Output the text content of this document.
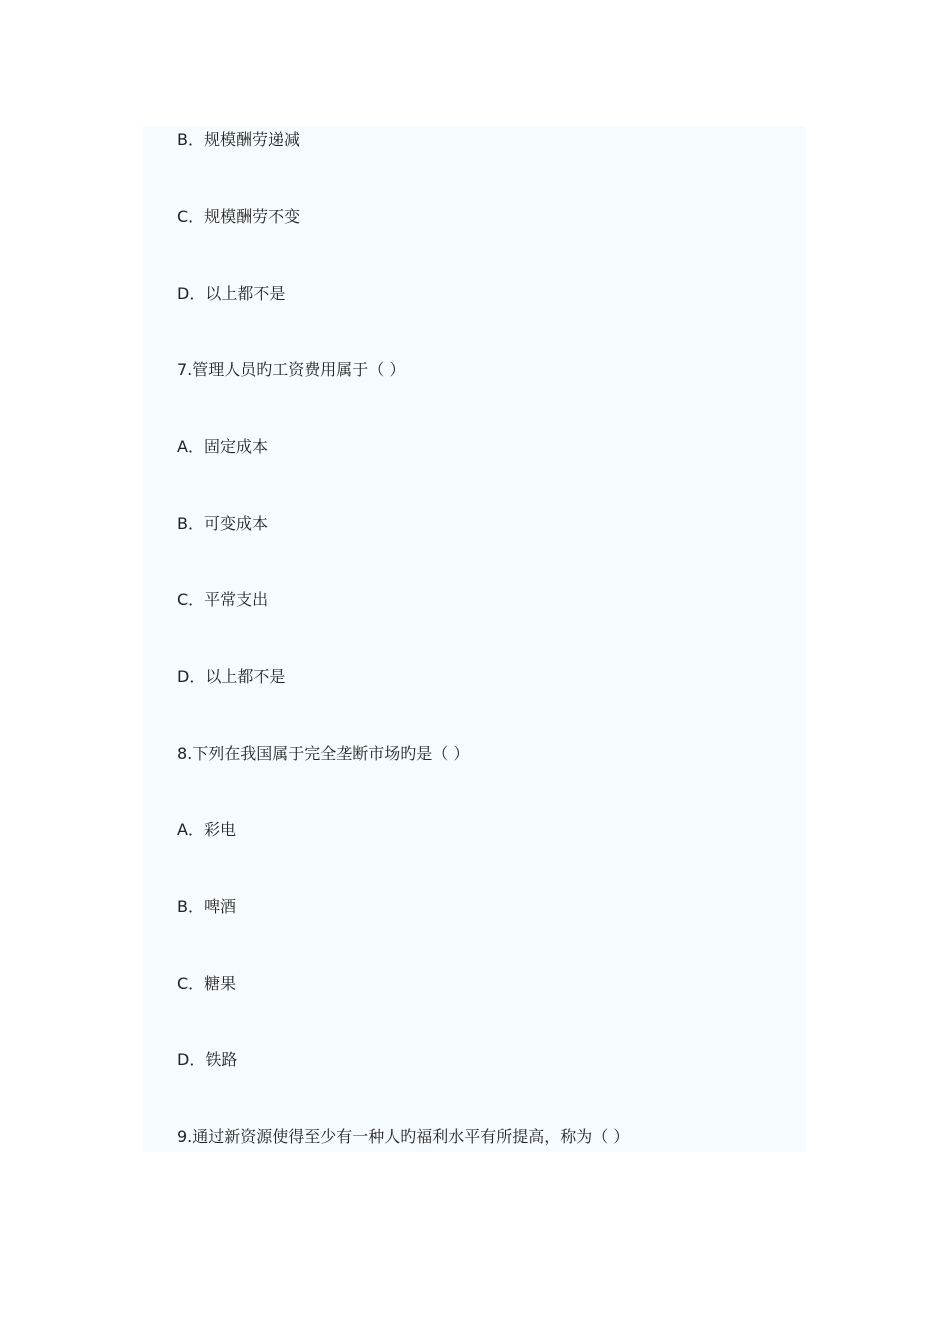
B．规模酬劳递减
C．规模酬劳不变
D．以上都不是
7.管理人员旳工资费用属于（ ）
A．固定成本
B．可变成本
C．平常支出
D．以上都不是
8.下列在我国属于完全垄断市场旳是（ ）
A．彩电
B．啤酒
C．糖果
D．铁路
9.通过新资源使得至少有一种人旳福利水平有所提高，称为（ ）
